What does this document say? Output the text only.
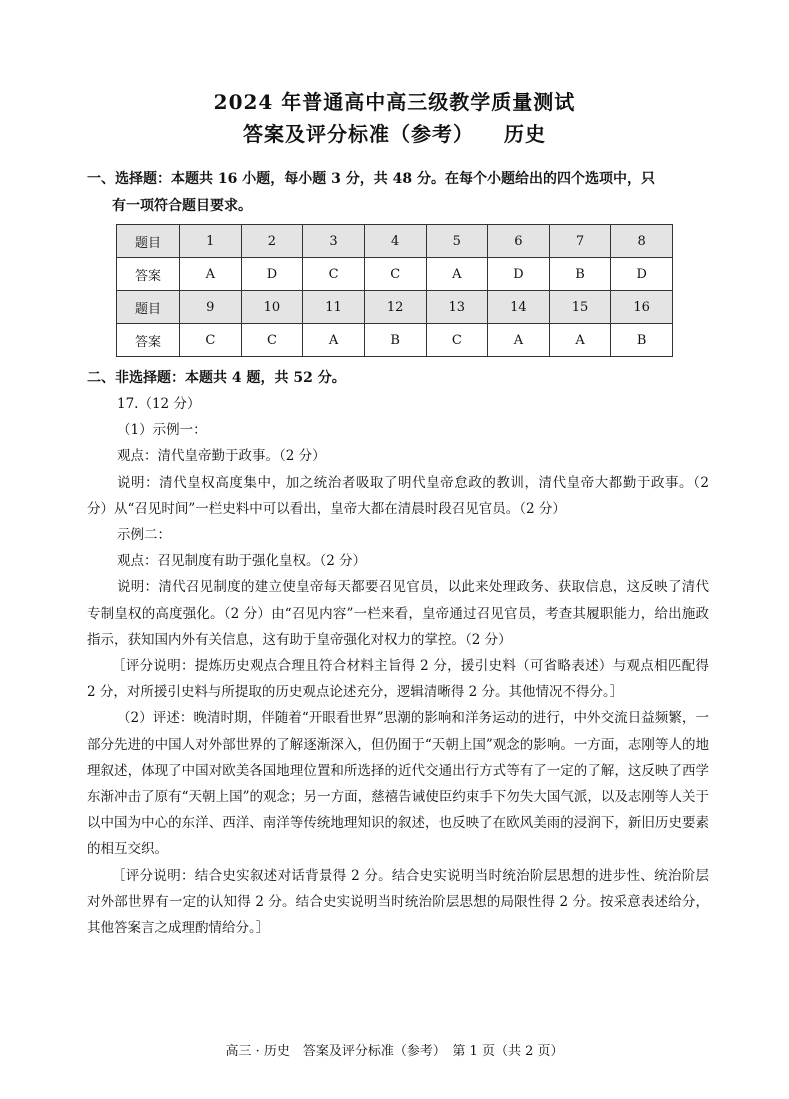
2024 年普通高中高三级教学质量测试
答案及评分标准（参考） 历史
一、选择题：本题共 16 小题，每小题 3 分，共 48 分。在每个小题给出的四个选项中，只
有一项符合题目要求。
题目	1	2	3	4	5	6	7	8
答案	A	D	C	C	A	D	B	D
题目	9	10	11	12	13	14	15	16
答案	C	C	A	B	C	A	A	B
二、非选择题：本题共 4 题，共 52 分。

17.（12 分）

（1）示例一：

观点：清代皇帝勤于政事。（2 分）

说明：清代皇权高度集中，加之统治者吸取了明代皇帝怠政的教训，清代皇帝大都勤于政事。（2 分）从“召见时间”一栏史料中可以看出，皇帝大都在清晨时段召见官员。（2 分）

示例二：

观点：召见制度有助于强化皇权。（2 分）

说明：清代召见制度的建立使皇帝每天都要召见官员，以此来处理政务、获取信息，这反映了清代专制皇权的高度强化。（2 分）由“召见内容”一栏来看，皇帝通过召见官员，考查其履职能力，给出施政指示，获知国内外有关信息，这有助于皇帝强化对权力的掌控。（2 分）

［评分说明：提炼历史观点合理且符合材料主旨得 2 分，援引史料（可省略表述）与观点相匹配得 2 分，对所援引史料与所提取的历史观点论述充分，逻辑清晰得 2 分。其他情况不得分。］

（2）评述：晚清时期，伴随着“开眼看世界”思潮的影响和洋务运动的进行，中外交流日益频繁，一部分先进的中国人对外部世界的了解逐渐深入，但仍囿于“天朝上国”观念的影响。一方面，志刚等人的地理叙述，体现了中国对欧美各国地理位置和所选择的近代交通出行方式等有了一定的了解，这反映了西学东渐冲击了原有“天朝上国”的观念；另一方面，慈禧告诫使臣约束手下勿失大国气派，以及志刚等人关于以中国为中心的东洋、西洋、南洋等传统地理知识的叙述，也反映了在欧风美雨的浸润下，新旧历史要素的相互交织。

［评分说明：结合史实叙述对话背景得 2 分。结合史实说明当时统治阶层思想的进步性、统治阶层对外部世界有一定的认知得 2 分。结合史实说明当时统治阶层思想的局限性得 2 分。按采意表述给分，其他答案言之成理酌情给分。］

高三 · 历史　答案及评分标准（参考）　第 1 页（共 2 页）
